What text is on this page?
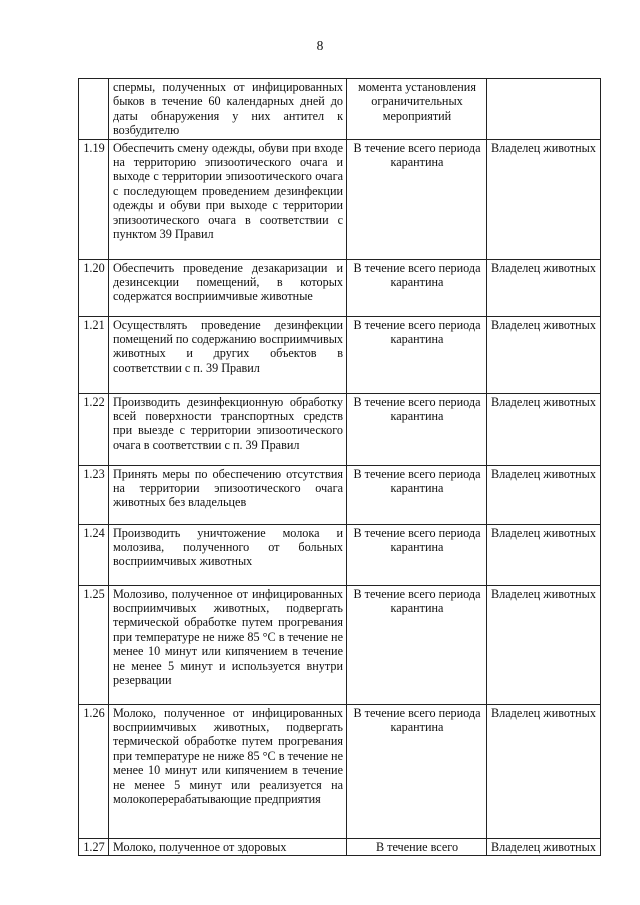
8
	спермы, полученных от инфицированных быков в течение 60 календарных дней до даты обнаружения у них антител к возбудителю	момента установления ограничительных мероприятий	
1.19	Обеспечить смену одежды, обуви при входе на территорию эпизоотического очага и выходе с территории эпизоотического очага с последующем проведением дезинфекции одежды и обуви при выходе с территории эпизоотического очага в соответствии с пунктом 39 Правил	В течение всего периода карантина	Владелец животных
1.20	Обеспечить проведение дезакаризации и дезинсекции помещений, в которых содержатся восприимчивые животные	В течение всего периода карантина	Владелец животных
1.21	Осуществлять проведение дезинфекции помещений по содержанию восприимчивых животных и других объектов в соответствии с п. 39 Правил	В течение всего периода карантина	Владелец животных
1.22	Производить дезинфекционную обработку всей поверхности транспортных средств при выезде с территории эпизоотического очага в соответствии с п. 39 Правил	В течение всего периода карантина	Владелец животных
1.23	Принять меры по обеспечению отсутствия на территории эпизоотического очага животных без владельцев	В течение всего периода карантина	Владелец животных
1.24	Производить уничтожение молока и молозива, полученного от больных восприимчивых животных	В течение всего периода карантина	Владелец животных
1.25	Молозиво, полученное от инфицированных восприимчивых животных, подвергать термической обработке путем прогревания при температуре не ниже 85 °С в течение не менее 10 минут или кипячением в течение не менее 5 минут и используется внутри резервации	В течение всего периода карантина	Владелец животных
1.26	Молоко, полученное от инфицированных восприимчивых животных, подвергать термической обработке путем прогревания при температуре не ниже 85 °С в течение не менее 10 минут или кипячением в течение не менее 5 минут или реализуется на молокоперерабатывающие предприятия	В течение всего периода карантина	Владелец животных
1.27	Молоко, полученное от здоровых	В течение всего	Владелец животных
